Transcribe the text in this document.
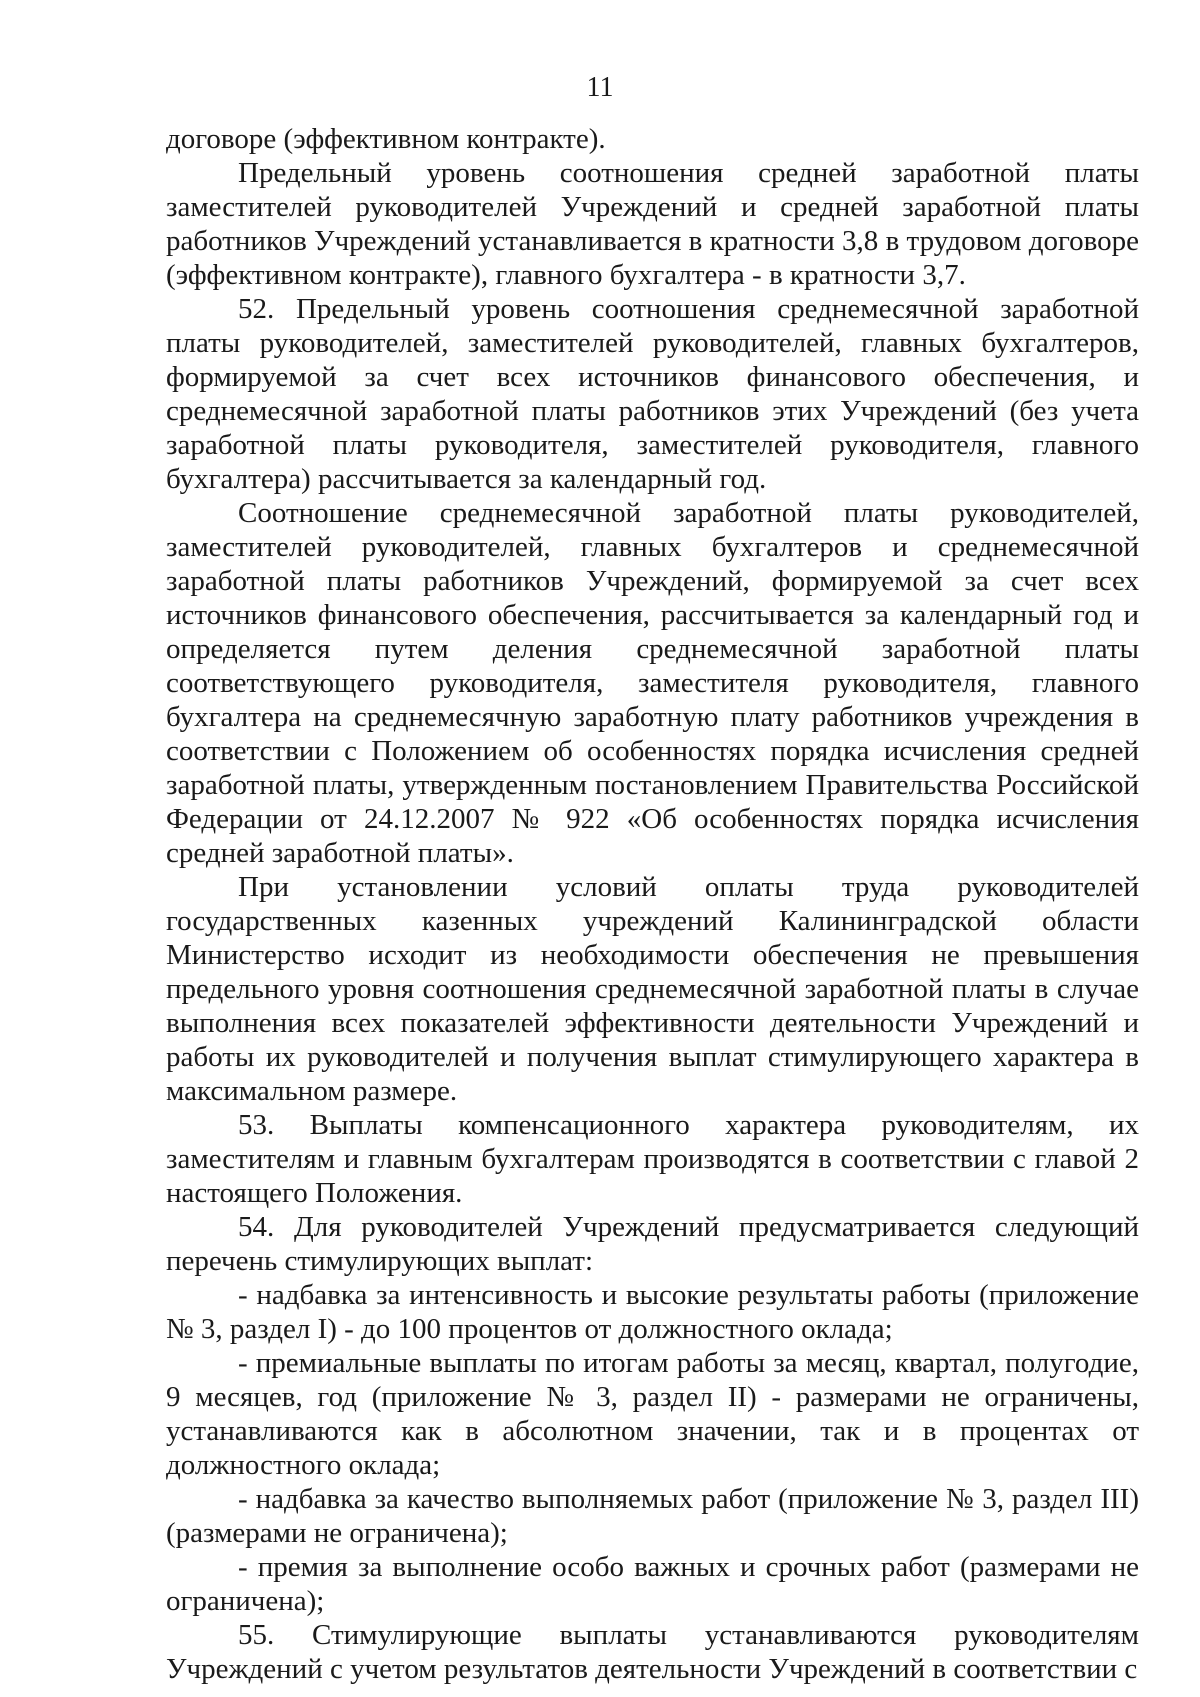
11

договоре (эффективном контракте).

Предельный уровень соотношения средней заработной платы заместителей руководителей Учреждений и средней заработной платы работников Учреждений устанавливается в кратности 3,8 в трудовом договоре (эффективном контракте), главного бухгалтера - в кратности 3,7.

52. Предельный уровень соотношения среднемесячной заработной платы руководителей, заместителей руководителей, главных бухгалтеров, формируемой за счет всех источников финансового обеспечения, и среднемесячной заработной платы работников этих Учреждений (без учета заработной платы руководителя, заместителей руководителя, главного бухгалтера) рассчитывается за календарный год.

Соотношение среднемесячной заработной платы руководителей, заместителей руководителей, главных бухгалтеров и среднемесячной заработной платы работников Учреждений, формируемой за счет всех источников финансового обеспечения, рассчитывается за календарный год и определяется путем деления среднемесячной заработной платы соответствующего руководителя, заместителя руководителя, главного бухгалтера на среднемесячную заработную плату работников учреждения в соответствии с Положением об особенностях порядка исчисления средней заработной платы, утвержденным постановлением Правительства Российской Федерации от 24.12.2007 № 922 «Об особенностях порядка исчисления средней заработной платы».

При установлении условий оплаты труда руководителей государственных казенных учреждений Калининградской области Министерство исходит из необходимости обеспечения не превышения предельного уровня соотношения среднемесячной заработной платы в случае выполнения всех показателей эффективности деятельности Учреждений и работы их руководителей и получения выплат стимулирующего характера в максимальном размере.

53. Выплаты компенсационного характера руководителям, их заместителям и главным бухгалтерам производятся в соответствии с главой 2 настоящего Положения.

54. Для руководителей Учреждений предусматривается следующий перечень стимулирующих выплат:

- надбавка за интенсивность и высокие результаты работы (приложение № 3, раздел I) - до 100 процентов от должностного оклада;

- премиальные выплаты по итогам работы за месяц, квартал, полугодие, 9 месяцев, год (приложение № 3, раздел II) - размерами не ограничены, устанавливаются как в абсолютном значении, так и в процентах от должностного оклада;

- надбавка за качество выполняемых работ (приложение № 3, раздел III) (размерами не ограничена);

- премия за выполнение особо важных и срочных работ (размерами не ограничена);

55. Стимулирующие выплаты устанавливаются руководителям Учреждений с учетом результатов деятельности Учреждений в соответствии с
